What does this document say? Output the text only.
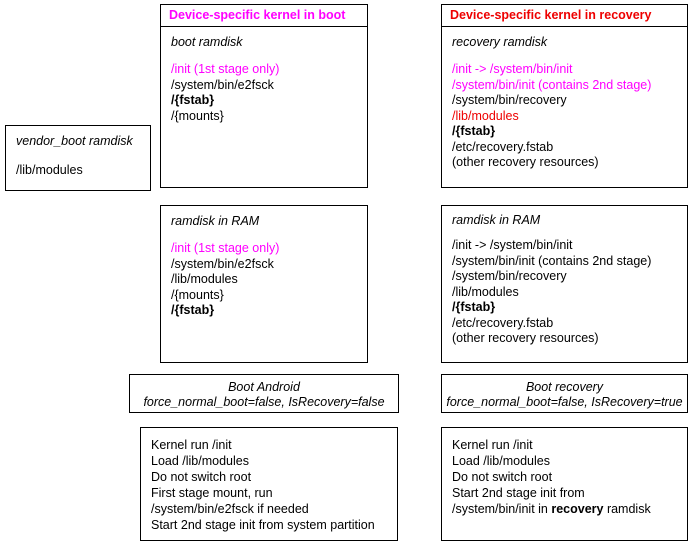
vendor_boot ramdisk
/lib/modules
Device-specific kernel in boot
boot ramdisk
/init (1st stage only)
/system/bin/e2fsck
/{fstab}
/{mounts}
ramdisk in RAM
/init (1st stage only)
/system/bin/e2fsck
/lib/modules
/{mounts}
/{fstab}
Boot Android
force_normal_boot=false, IsRecovery=false
Kernel run /init
Load /lib/modules
Do not switch root
First stage mount, run
/system/bin/e2fsck if needed
Start 2nd stage init from system partition
Device-specific kernel in recovery
recovery ramdisk
/init -> /system/bin/init
/system/bin/init (contains 2nd stage)
/system/bin/recovery
/lib/modules
/{fstab}
/etc/recovery.fstab
(other recovery resources)
ramdisk in RAM
/init -> /system/bin/init
/system/bin/init (contains 2nd stage)
/system/bin/recovery
/lib/modules
/{fstab}
/etc/recovery.fstab
(other recovery resources)
Boot recovery
force_normal_boot=false, IsRecovery=true
Kernel run /init
Load /lib/modules
Do not switch root
Start 2nd stage init from
/system/bin/init in recovery ramdisk
